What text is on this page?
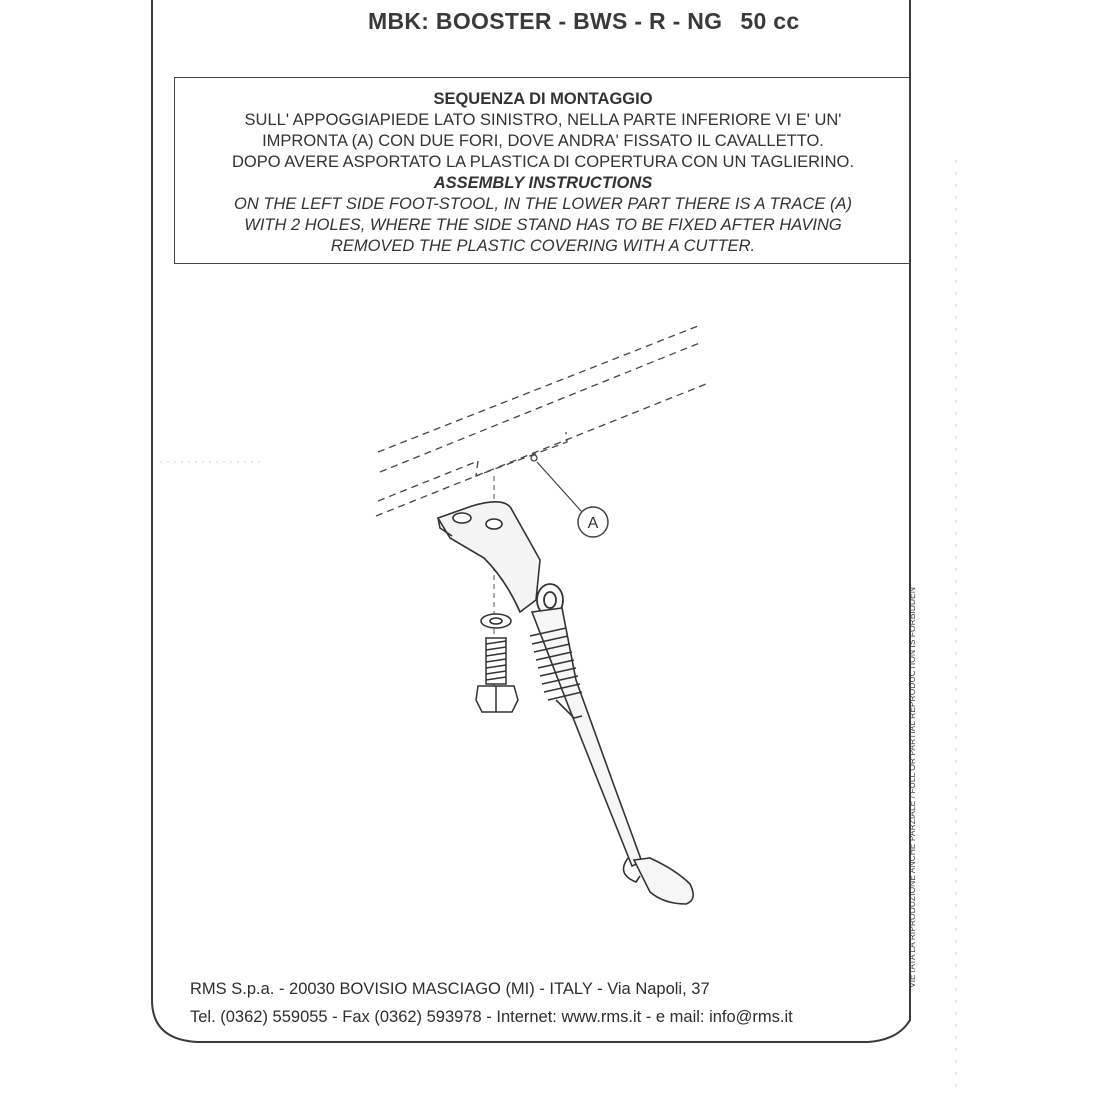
MBK: BOOSTER - BWS - R - NG 50 cc
SEQUENZA DI MONTAGGIO
SULL' APPOGGIAPIEDE LATO SINISTRO, NELLA PARTE INFERIORE VI E' UN'
IMPRONTA (A) CON DUE FORI, DOVE ANDRA' FISSATO IL CAVALLETTO.
DOPO AVERE ASPORTATO LA PLASTICA DI COPERTURA CON UN TAGLIERINO.
ASSEMBLY INSTRUCTIONS
ON THE LEFT SIDE FOOT-STOOL, IN THE LOWER PART THERE IS A TRACE (A)
WITH 2 HOLES, WHERE THE SIDE STAND HAS TO BE FIXED AFTER HAVING
REMOVED THE PLASTIC COVERING WITH A CUTTER.
A
VIETATA LA RIPRODUZIONE ANCHE PARZIALE / FULL OR PARTIAL REPRODUCTION IS FORBIDDEN
RMS S.p.a. - 20030 BOVISIO MASCIAGO (MI) - ITALY - Via Napoli, 37
Tel. (0362) 559055 - Fax (0362) 593978 - Internet: www.rms.it - e mail: info@rms.it
